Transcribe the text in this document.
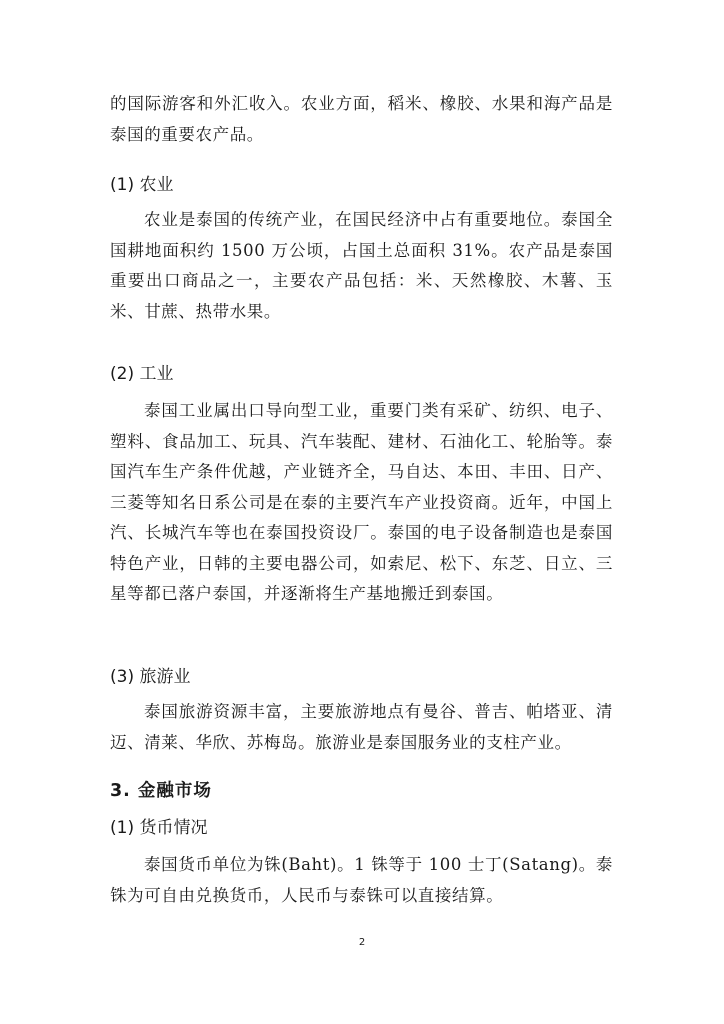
的国际游客和外汇收入。农业方面，稻米、橡胶、水果和海产品是泰国的重要农产品。

(1) 农业

农业是泰国的传统产业，在国民经济中占有重要地位。泰国全国耕地面积约 1500 万公顷，占国土总面积 31%。农产品是泰国重要出口商品之一，主要农产品包括：米、天然橡胶、木薯、玉米、甘蔗、热带水果。

(2) 工业

泰国工业属出口导向型工业，重要门类有采矿、纺织、电子、塑料、食品加工、玩具、汽车装配、建材、石油化工、轮胎等。泰国汽车生产条件优越，产业链齐全，马自达、本田、丰田、日产、三菱等知名日系公司是在泰的主要汽车产业投资商。近年，中国上汽、长城汽车等也在泰国投资设厂。泰国的电子设备制造也是泰国特色产业，日韩的主要电器公司，如索尼、松下、东芝、日立、三星等都已落户泰国，并逐渐将生产基地搬迁到泰国。

(3) 旅游业

泰国旅游资源丰富，主要旅游地点有曼谷、普吉、帕塔亚、清迈、清莱、华欣、苏梅岛。旅游业是泰国服务业的支柱产业。

3. 金融市场
(1) 货币情况

泰国货币单位为铢(Baht)。1 铢等于 100 士丁(Satang)。泰铢为可自由兑换货币，人民币与泰铢可以直接结算。

2
